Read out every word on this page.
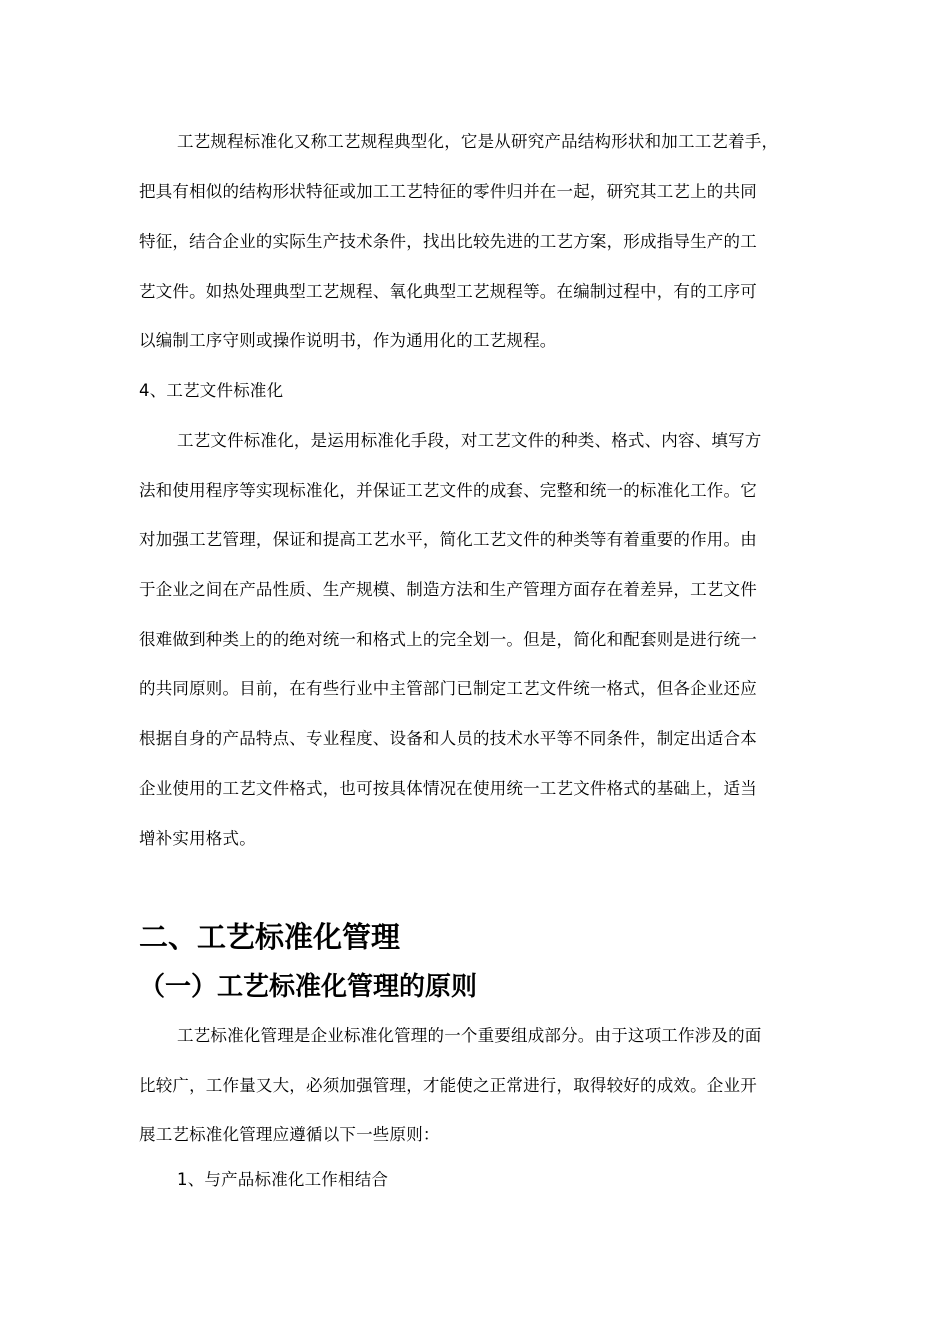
工艺规程标准化又称工艺规程典型化，它是从研究产品结构形状和加工工艺着手，
把具有相似的结构形状特征或加工工艺特征的零件归并在一起，研究其工艺上的共同
特征，结合企业的实际生产技术条件，找出比较先进的工艺方案，形成指导生产的工
艺文件。如热处理典型工艺规程、氧化典型工艺规程等。在编制过程中，有的工序可
以编制工序守则或操作说明书，作为通用化的工艺规程。
4、工艺文件标准化
工艺文件标准化，是运用标准化手段，对工艺文件的种类、格式、内容、填写方
法和使用程序等实现标准化，并保证工艺文件的成套、完整和统一的标准化工作。它
对加强工艺管理，保证和提高工艺水平，简化工艺文件的种类等有着重要的作用。由
于企业之间在产品性质、生产规模、制造方法和生产管理方面存在着差异，工艺文件
很难做到种类上的的绝对统一和格式上的完全划一。但是，简化和配套则是进行统一
的共同原则。目前，在有些行业中主管部门已制定工艺文件统一格式，但各企业还应
根据自身的产品特点、专业程度、设备和人员的技术水平等不同条件，制定出适合本
企业使用的工艺文件格式，也可按具体情况在使用统一工艺文件格式的基础上，适当
增补实用格式。
二、工艺标准化管理
（一）工艺标准化管理的原则
工艺标准化管理是企业标准化管理的一个重要组成部分。由于这项工作涉及的面
比较广，工作量又大，必须加强管理，才能使之正常进行，取得较好的成效。企业开
展工艺标准化管理应遵循以下一些原则：
1、与产品标准化工作相结合
